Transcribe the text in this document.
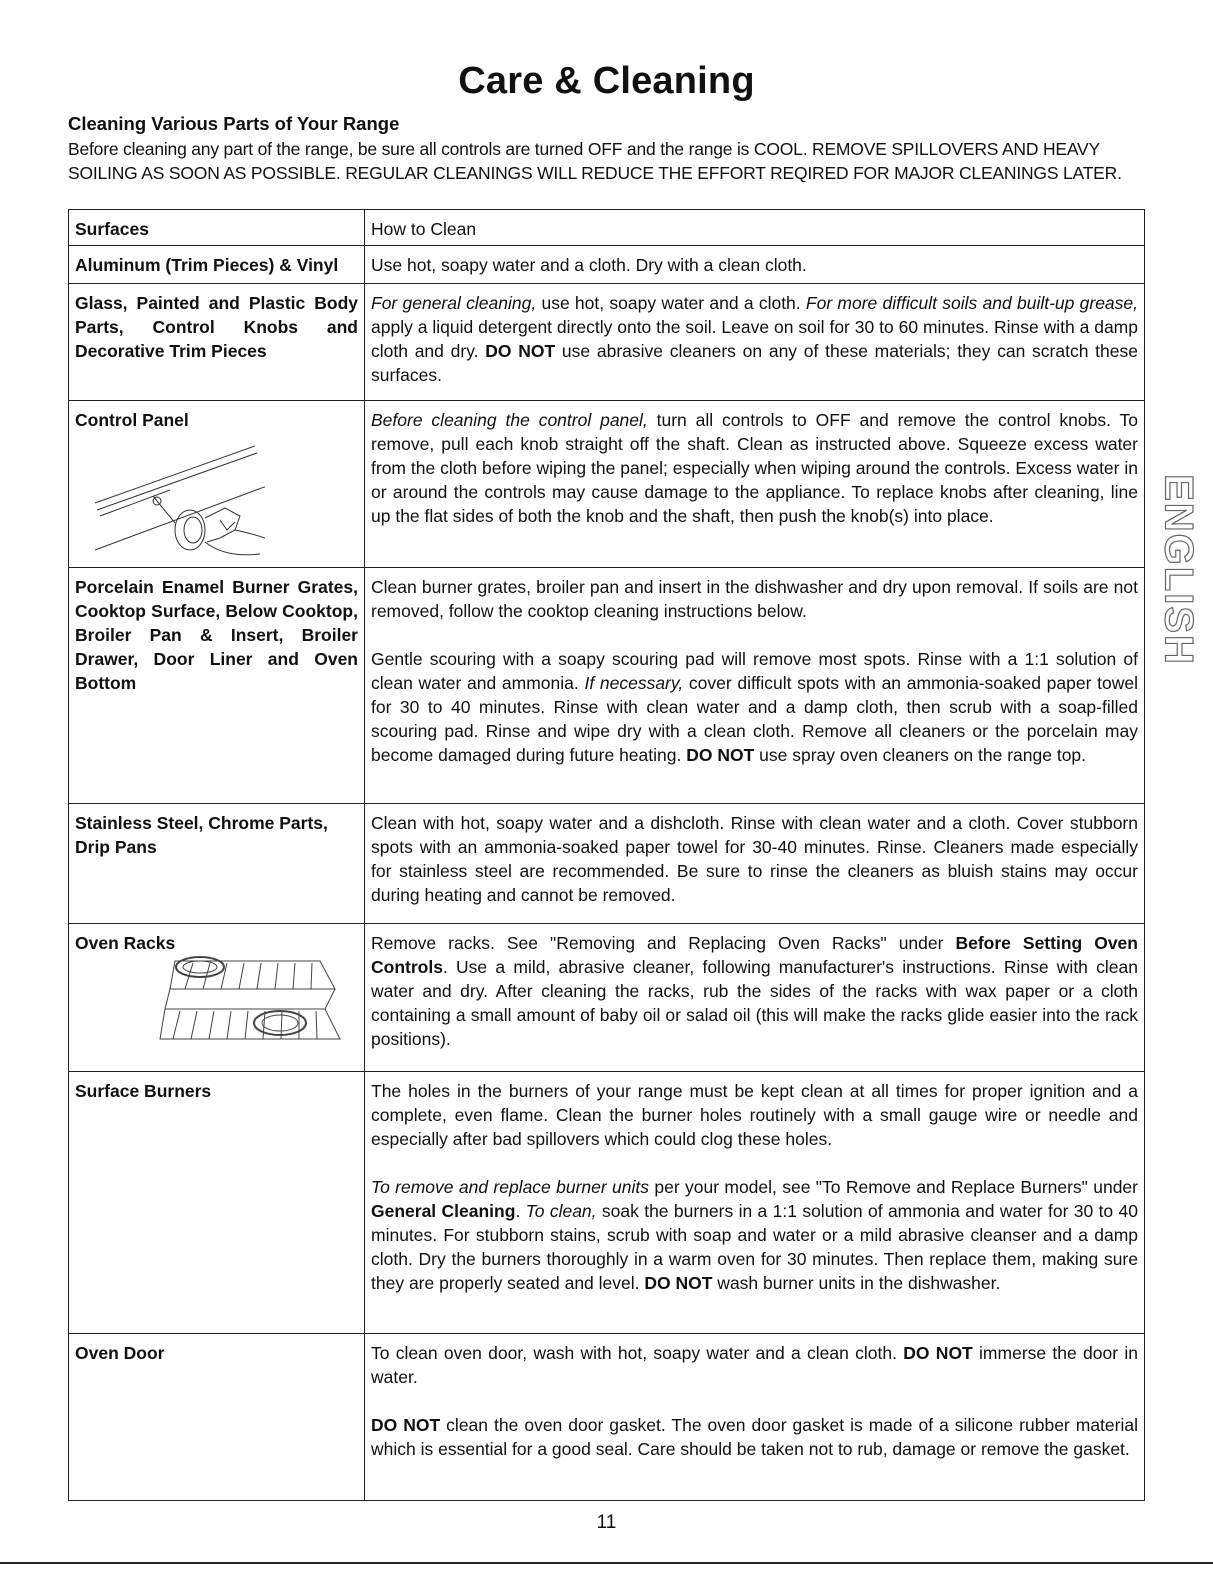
Care & Cleaning
Cleaning Various Parts of Your Range
Before cleaning any part of the range, be sure all controls are turned OFF and the range is COOL. REMOVE SPILLOVERS AND HEAVY SOILING AS SOON AS POSSIBLE. REGULAR CLEANINGS WILL REDUCE THE EFFORT REQIRED FOR MAJOR CLEANINGS LATER.
Surfaces	How to Clean
Aluminum (Trim Pieces) & Vinyl	Use hot, soapy water and a cloth. Dry with a clean cloth.

Glass, Painted and Plastic Body Parts, Control Knobs and Decorative Trim Pieces	For general cleaning, use hot, soapy water and a cloth. For more difficult soils and built-up grease, apply a liquid detergent directly onto the soil. Leave on soil for 30 to 60 minutes. Rinse with a damp cloth and dry. DO NOT use abrasive cleaners on any of these materials; they can scratch these surfaces.

Control Panel	Before cleaning the control panel, turn all controls to OFF and remove the control knobs. To remove, pull each knob straight off the shaft. Clean as instructed above. Squeeze excess water from the cloth before wiping the panel; especially when wiping around the controls. Excess water in or around the controls may cause damage to the appliance. To replace knobs after cleaning, line up the flat sides of both the knob and the shaft, then push the knob(s) into place.

Porcelain Enamel Burner Grates, Cooktop Surface, Below Cooktop, Broiler Pan & Insert, Broiler Drawer, Door Liner and Oven Bottom	Clean burner grates, broiler pan and insert in the dishwasher and dry upon removal. If soils are not removed, follow the cooktop cleaning instructions below.

Gentle scouring with a soapy scouring pad will remove most spots. Rinse with a 1:1 solution of clean water and ammonia. If necessary, cover difficult spots with an ammonia-soaked paper towel for 30 to 40 minutes. Rinse with clean water and a damp cloth, then scrub with a soap-filled scouring pad. Rinse and wipe dry with a clean cloth. Remove all cleaners or the porcelain may become damaged during future heating. DO NOT use spray oven cleaners on the range top.

Stainless Steel, Chrome Parts, Drip Pans	Clean with hot, soapy water and a dishcloth. Rinse with clean water and a cloth. Cover stubborn spots with an ammonia-soaked paper towel for 30-40 minutes. Rinse. Cleaners made especially for stainless steel are recommended. Be sure to rinse the cleaners as bluish stains may occur during heating and cannot be removed.

Oven Racks	Remove racks. See "Removing and Replacing Oven Racks" under Before Setting Oven Controls. Use a mild, abrasive cleaner, following manufacturer's instructions. Rinse with clean water and dry. After cleaning the racks, rub the sides of the racks with wax paper or a cloth containing a small amount of baby oil or salad oil (this will make the racks glide easier into the rack positions).

Surface Burners	The holes in the burners of your range must be kept clean at all times for proper ignition and a complete, even flame. Clean the burner holes routinely with a small gauge wire or needle and especially after bad spillovers which could clog these holes.

To remove and replace burner units per your model, see "To Remove and Replace Burners" under General Cleaning. To clean, soak the burners in a 1:1 solution of ammonia and water for 30 to 40 minutes. For stubborn stains, scrub with soap and water or a mild abrasive cleanser and a damp cloth. Dry the burners thoroughly in a warm oven for 30 minutes. Then replace them, making sure they are properly seated and level. DO NOT wash burner units in the dishwasher.

Oven Door	To clean oven door, wash with hot, soapy water and a clean cloth. DO NOT immerse the door in water.

DO NOT clean the oven door gasket. The oven door gasket is made of a silicone rubber material which is essential for a good seal. Care should be taken not to rub, damage or remove the gasket.

ENGLISH
11
